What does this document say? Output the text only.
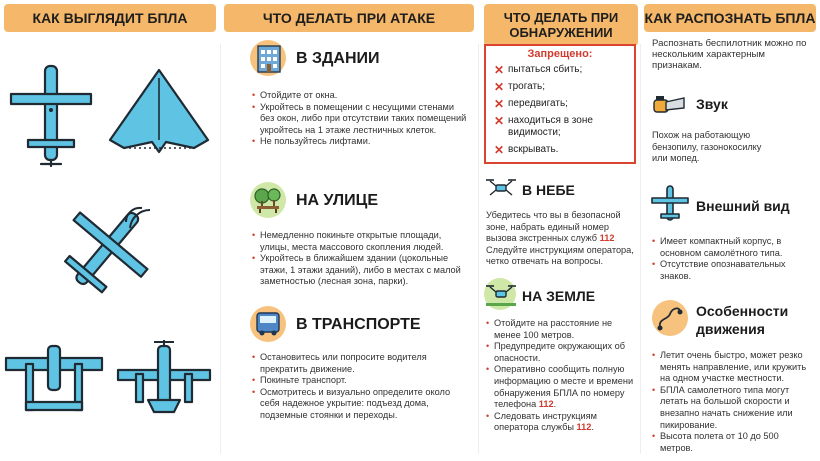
КАК ВЫГЛЯДИТ БПЛА	ЧТО ДЕЛАТЬ ПРИ АТАКЕ	ЧТО ДЕЛАТЬ ПРИ
ОБНАРУЖЕНИИ
КАК РАСПОЗНАТЬ БПЛА
В ЗДАНИИ
• Отойдите от окна.
• Укройтесь в помещении с несущими стенами без окон, либо при отсутствии таких помещений укройтесь на 1 этаже лестничных клеток.
• Не пользуйтесь лифтами.
НА УЛИЦЕ
• Немедленно покиньте открытые площади, улицы, места массового скопления людей.
• Укройтесь в ближайшем здании (цокольные этажи, 1 этажи зданий), либо в местах с малой заметностью (лесная зона, парки).
В ТРАНСПОРТЕ
• Остановитесь или попросите водителя прекратить движение.
• Покиньте транспорт.
• Осмотритесь и визуально определите около себя надежное укрытие: подъезд дома, подземные стоянки и переходы.
Запрещено:
✕ пытаться сбить;
✕ трогать;
✕ передвигать;
✕ находиться в зоне видимости;
✕ вскрывать.
В НЕБЕ
Убедитесь что вы в безопасной зоне, набрать единый номер вызова экстренных служб 112
Следуйте инструкциям оператора, четко отвечать на вопросы.
НА ЗЕМЛЕ
• Отойдите на расстояние не менее 100 метров.
• Предупредите окружающих об опасности.
• Оперативно сообщить полную информацию о месте и времени обнаружения БПЛА по номеру телефона 112.
• Следовать инструкциям оператора службы 112.
Распознать беспилотник можно по нескольким характерным признакам.
Звук
Похож на работающую бензопилу, газонокосилку или мопед.
Внешний вид
• Имеет компактный корпус, в основном самолётного типа.
• Отсутствие опознавательных знаков.
Особенности
движения
• Летит очень быстро, может резко менять направление, или кружить на одном участке местности.
• БПЛА самолетного типа могут летать на большой скорости и внезапно начать снижение или пикирование.
• Высота полета от 10 до 500 метров.
